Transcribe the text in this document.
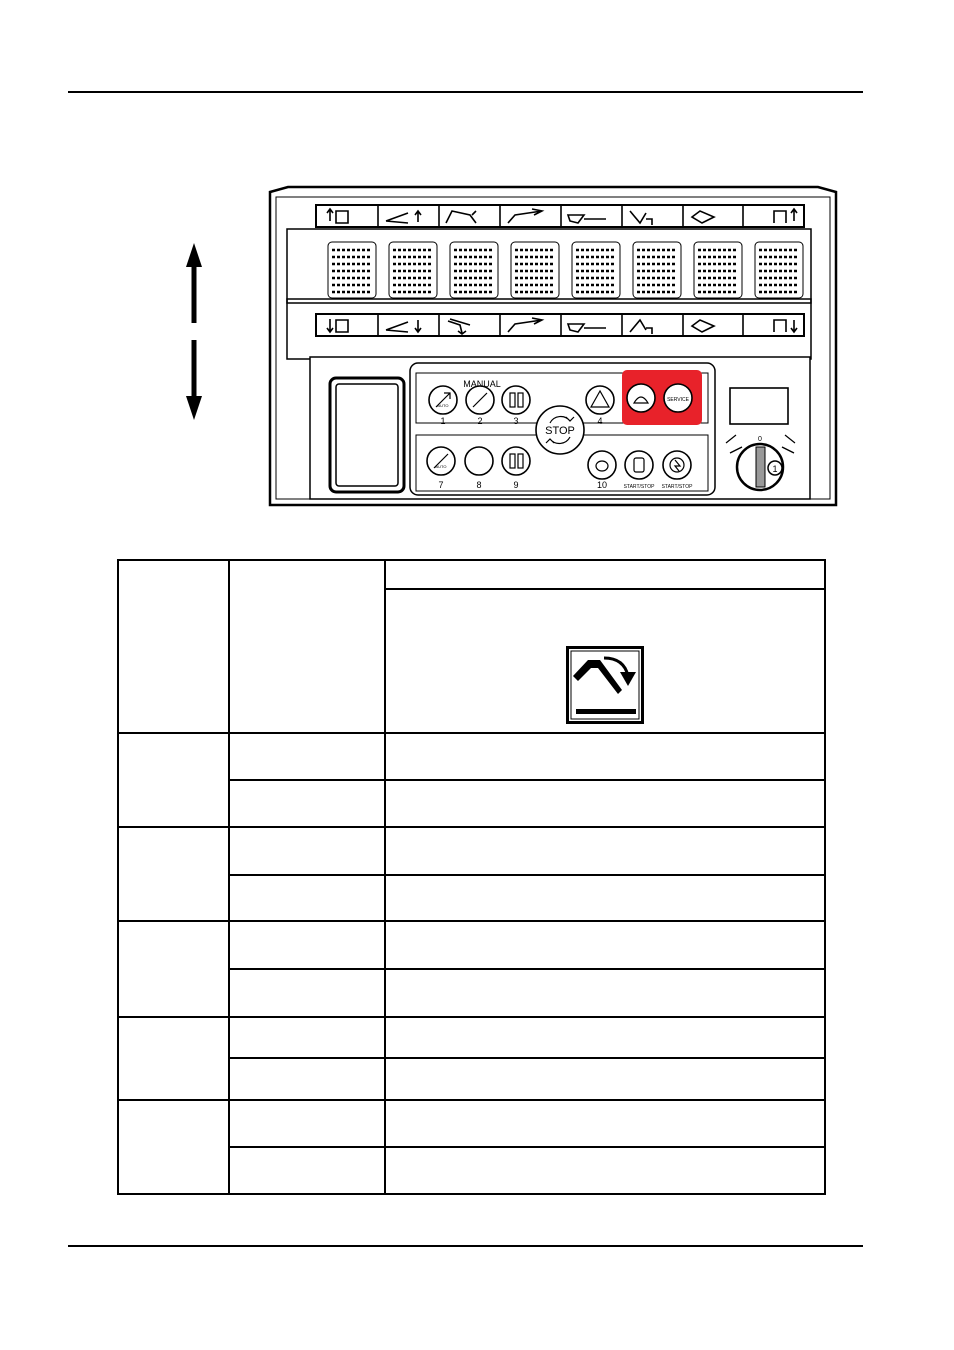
MANUAL
STOP
SERVICE
AUTO
AUTO
START/STOP START/STOP
0
1
1	2	3	4
7	8	9	10
